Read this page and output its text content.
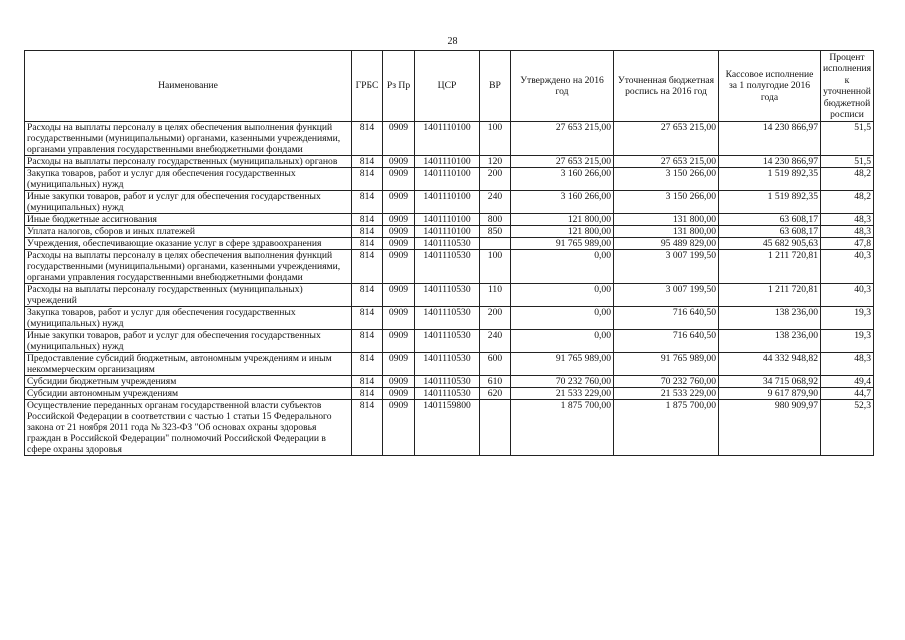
28
Наименование	ГРБС	Рз Пр	ЦСР	ВР	Утверждено на 2016 год	Уточненная бюджетная роспись на 2016 год	Кассовое исполнение за 1 полугодие 2016 года	Процент исполнения к уточненной бюджетной росписи
Расходы на выплаты персоналу в целях обеспечения выполнения функций государственными (муниципальными) органами, казенными учреждениями, органами управления государственными внебюджетными фондами	814	0909	1401110100	100	27 653 215,00	27 653 215,00	14 230 866,97	51,5
Расходы на выплаты персоналу государственных (муниципальных) органов	814	0909	1401110100	120	27 653 215,00	27 653 215,00	14 230 866,97	51,5
Закупка товаров, работ и услуг для обеспечения государственных (муниципальных) нужд	814	0909	1401110100	200	3 160 266,00	3 150 266,00	1 519 892,35	48,2
Иные закупки товаров, работ и услуг для обеспечения государственных (муниципальных) нужд	814	0909	1401110100	240	3 160 266,00	3 150 266,00	1 519 892,35	48,2
Иные бюджетные ассигнования	814	0909	1401110100	800	121 800,00	131 800,00	63 608,17	48,3
Уплата налогов, сборов и иных платежей	814	0909	1401110100	850	121 800,00	131 800,00	63 608,17	48,3
Учреждения, обеспечивающие оказание услуг в сфере здравоохранения	814	0909	1401110530		91 765 989,00	95 489 829,00	45 682 905,63	47,8
Расходы на выплаты персоналу в целях обеспечения выполнения функций государственными (муниципальными) органами, казенными учреждениями, органами управления государственными внебюджетными фондами	814	0909	1401110530	100	0,00	3 007 199,50	1 211 720,81	40,3
Расходы на выплаты персоналу государственных (муниципальных) учреждений	814	0909	1401110530	110	0,00	3 007 199,50	1 211 720,81	40,3
Закупка товаров, работ и услуг для обеспечения государственных (муниципальных) нужд	814	0909	1401110530	200	0,00	716 640,50	138 236,00	19,3
Иные закупки товаров, работ и услуг для обеспечения государственных (муниципальных) нужд	814	0909	1401110530	240	0,00	716 640,50	138 236,00	19,3
Предоставление субсидий бюджетным, автономным учреждениям и иным некоммерческим организациям	814	0909	1401110530	600	91 765 989,00	91 765 989,00	44 332 948,82	48,3
Субсидии бюджетным учреждениям	814	0909	1401110530	610	70 232 760,00	70 232 760,00	34 715 068,92	49,4
Субсидии автономным учреждениям	814	0909	1401110530	620	21 533 229,00	21 533 229,00	9 617 879,90	44,7
Осуществление переданных органам государственной власти субъектов Российской Федерации в соответствии с частью 1 статьи 15 Федерального закона от 21 ноября 2011 года № 323-ФЗ "Об основах охраны здоровья граждан в Российской Федерации" полномочий Российской Федерации в сфере охраны здоровья	814	0909	1401159800		1 875 700,00	1 875 700,00	980 909,97	52,3
